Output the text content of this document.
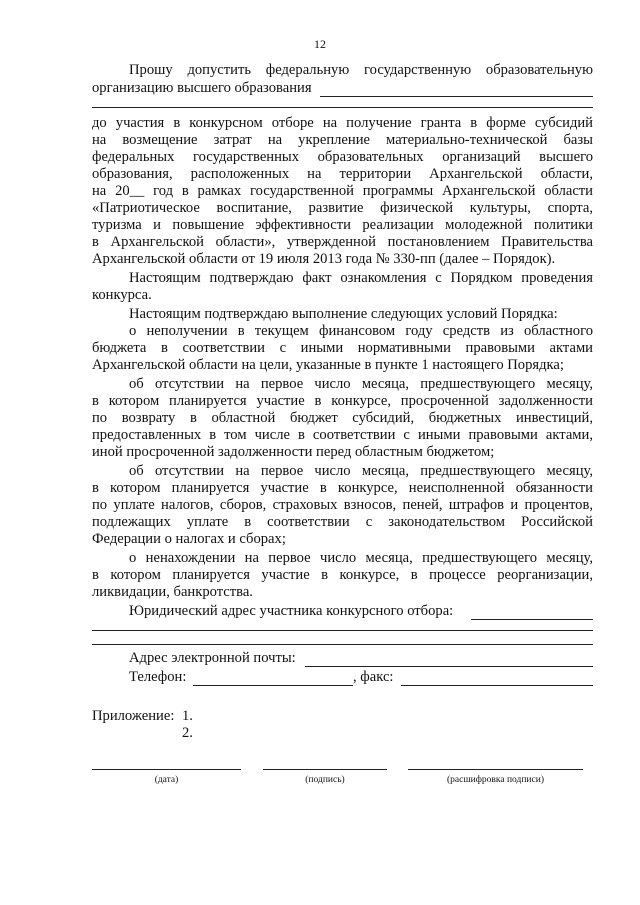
12
Прошу допустить федеральную государственную образовательную
организацию высшего образования
до участия в конкурсном отборе на получение гранта в форме субсидий
на возмещение затрат на укрепление материально-технической базы
федеральных государственных образовательных организаций высшего
образования, расположенных на территории Архангельской области,
на 20__ год в рамках государственной программы Архангельской области
«Патриотическое воспитание, развитие физической культуры, спорта,
туризма и повышение эффективности реализации молодежной политики
в Архангельской области», утвержденной постановлением Правительства
Архангельской области от 19 июля 2013 года № 330-пп (далее – Порядок).
Настоящим подтверждаю факт ознакомления с Порядком проведения
конкурса.
Настоящим подтверждаю выполнение следующих условий Порядка:
о неполучении в текущем финансовом году средств из областного
бюджета в соответствии с иными нормативными правовыми актами
Архангельской области на цели, указанные в пункте 1 настоящего Порядка;
об отсутствии на первое число месяца, предшествующего месяцу,
в котором планируется участие в конкурсе, просроченной задолженности
по возврату в областной бюджет субсидий, бюджетных инвестиций,
предоставленных в том числе в соответствии с иными правовыми актами,
иной просроченной задолженности перед областным бюджетом;
об отсутствии на первое число месяца, предшествующего месяцу,
в котором планируется участие в конкурсе, неисполненной обязанности
по уплате налогов, сборов, страховых взносов, пеней, штрафов и процентов,
подлежащих уплате в соответствии с законодательством Российской
Федерации о налогах и сборах;
о ненахождении на первое число месяца, предшествующего месяцу,
в котором планируется участие в конкурсе, в процессе реорганизации,
ликвидации, банкротства.
Юридический адрес участника конкурсного отбора:
Адрес электронной почты:
Телефон:	, факс:
Приложение: 1.
2.
(дата)	(подпись)	(расшифровка подписи)
